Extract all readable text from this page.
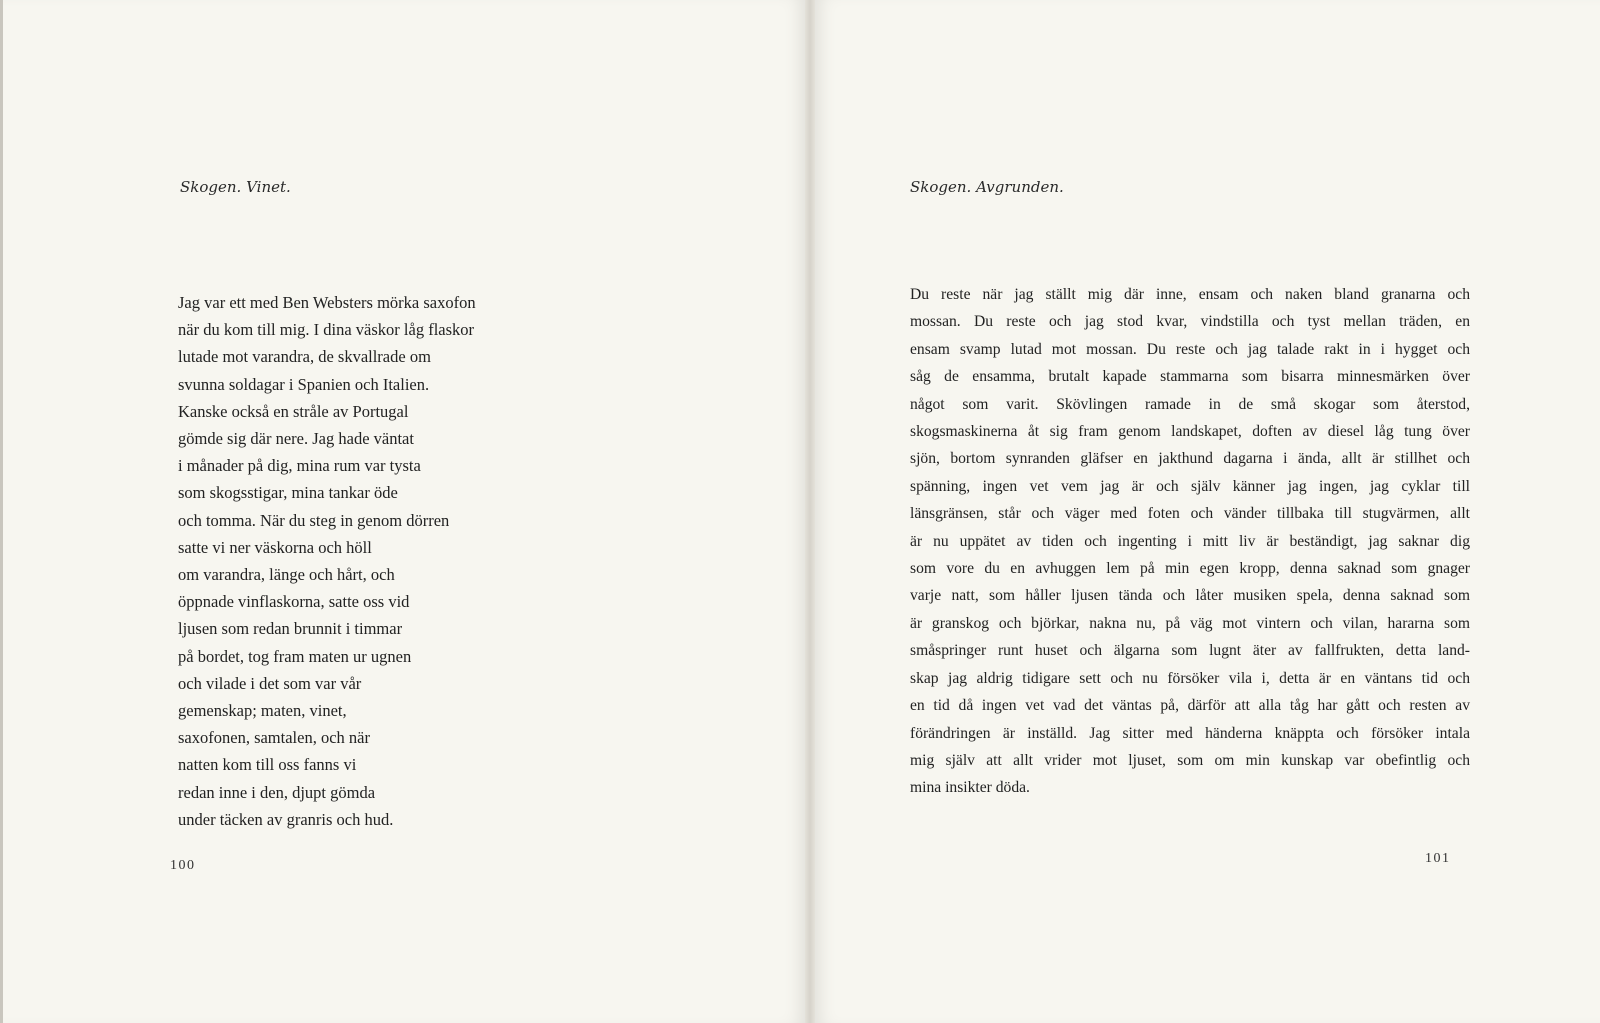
Skogen. Vinet.

Jag var ett med Ben Websters mörka saxofon
när du kom till mig. I dina väskor låg flaskor
lutade mot varandra, de skvallrade om
svunna soldagar i Spanien och Italien.
Kanske också en stråle av Portugal
gömde sig där nere. Jag hade väntat
i månader på dig, mina rum var tysta
som skogsstigar, mina tankar öde
och tomma. När du steg in genom dörren
satte vi ner väskorna och höll
om varandra, länge och hårt, och
öppnade vinflaskorna, satte oss vid
ljusen som redan brunnit i timmar
på bordet, tog fram maten ur ugnen
och vilade i det som var vår
gemenskap; maten, vinet,
saxofonen, samtalen, och när
natten kom till oss fanns vi
redan inne i den, djupt gömda
under täcken av granris och hud.

100

Skogen. Avgrunden.

Du reste när jag ställt mig där inne, ensam och naken bland granarna och
mossan. Du reste och jag stod kvar, vindstilla och tyst mellan träden, en
ensam svamp lutad mot mossan. Du reste och jag talade rakt in i hygget och
såg de ensamma, brutalt kapade stammarna som bisarra minnesmärken över
något som varit. Skövlingen ramade in de små skogar som återstod,
skogsmaskinerna åt sig fram genom landskapet, doften av diesel låg tung över
sjön, bortom synranden gläfser en jakthund dagarna i ända, allt är stillhet och
spänning, ingen vet vem jag är och själv känner jag ingen, jag cyklar till
länsgränsen, står och väger med foten och vänder tillbaka till stugvärmen, allt
är nu uppätet av tiden och ingenting i mitt liv är beständigt, jag saknar dig
som vore du en avhuggen lem på min egen kropp, denna saknad som gnager
varje natt, som håller ljusen tända och låter musiken spela, denna saknad som
är granskog och björkar, nakna nu, på väg mot vintern och vilan, hararna som
småspringer runt huset och älgarna som lugnt äter av fallfrukten, detta land-
skap jag aldrig tidigare sett och nu försöker vila i, detta är en väntans tid och
en tid då ingen vet vad det väntas på, därför att alla tåg har gått och resten av
förändringen är inställd. Jag sitter med händerna knäppta och försöker intala
mig själv att allt vrider mot ljuset, som om min kunskap var obefintlig och
mina insikter döda.

101
